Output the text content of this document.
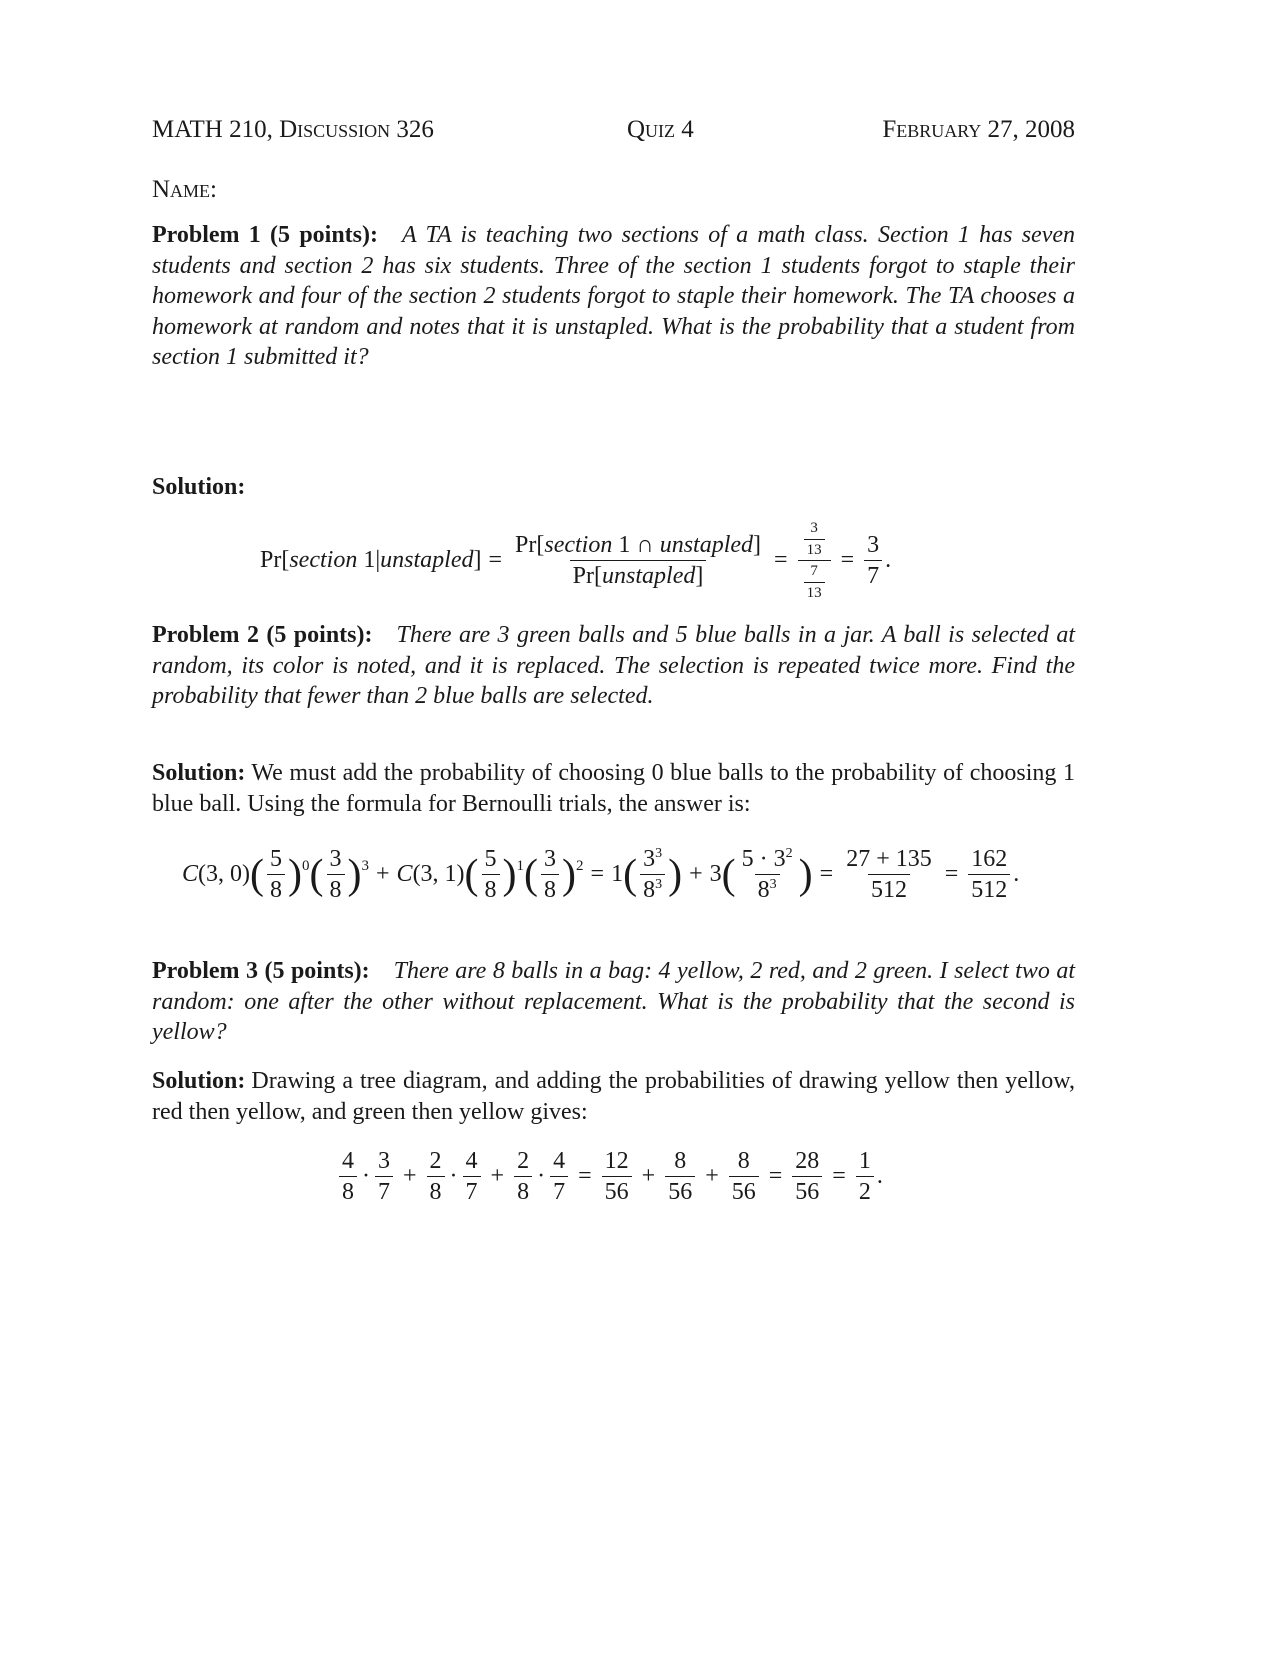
MATH 210, Discussion 326	Quiz 4	February 27, 2008
Name:
Problem 1 (5 points): A TA is teaching two sections of a math class. Section 1 has seven students and section 2 has six students. Three of the section 1 students forgot to staple their homework and four of the section 2 students forgot to staple their homework. The TA chooses a homework at random and notes that it is unstapled. What is the probability that a student from section 1 submitted it?
Solution:
Pr[section 1|unstapled] = $\frac{\text{Pr[section 1 ∩ unstapled]}}{\text{Pr[unstapled]}} = \frac{\frac{3}{13}}{\frac{7}{13}} = \frac{3}{7}$ .
Problem 2 (5 points): There are 3 green balls and 5 blue balls in a jar. A ball is selected at random, its color is noted, and it is replaced. The selection is repeated twice more. Find the probability that fewer than 2 blue balls are selected.
Solution: We must add the probability of choosing 0 blue balls to the probability of choosing 1 blue ball. Using the formula for Bernoulli trials, the answer is:
C (3, 0) ( $\frac{5}{8}$ ) 0 ( $\frac{3}{8}$ ) 3 + C (3, 1) ( $\frac{5}{8}$ ) 1 ( $\frac{3}{8}$ ) 2 = 1 ( $\frac{3^3}{8^3}$ ) + 3 ( $\frac{5 \cdot 3^2}{8^3}$ ) = $\frac{27 + 135}{512} = \frac{162}{512}$ .
Problem 3 (5 points): There are 8 balls in a bag: 4 yellow, 2 red, and 2 green. I select two at random: one after the other without replacement. What is the probability that the second is yellow?
Solution: Drawing a tree diagram, and adding the probabilities of drawing yellow then yellow, red then yellow, and green then yellow gives:
$\frac{4}{8} \cdot \frac{3}{7} + \frac{2}{8} \cdot \frac{4}{7} + \frac{2}{8} \cdot \frac{4}{7} = \frac{12}{56} + \frac{8}{56} + \frac{8}{56} = \frac{28}{56} = \frac{1}{2}$ .
